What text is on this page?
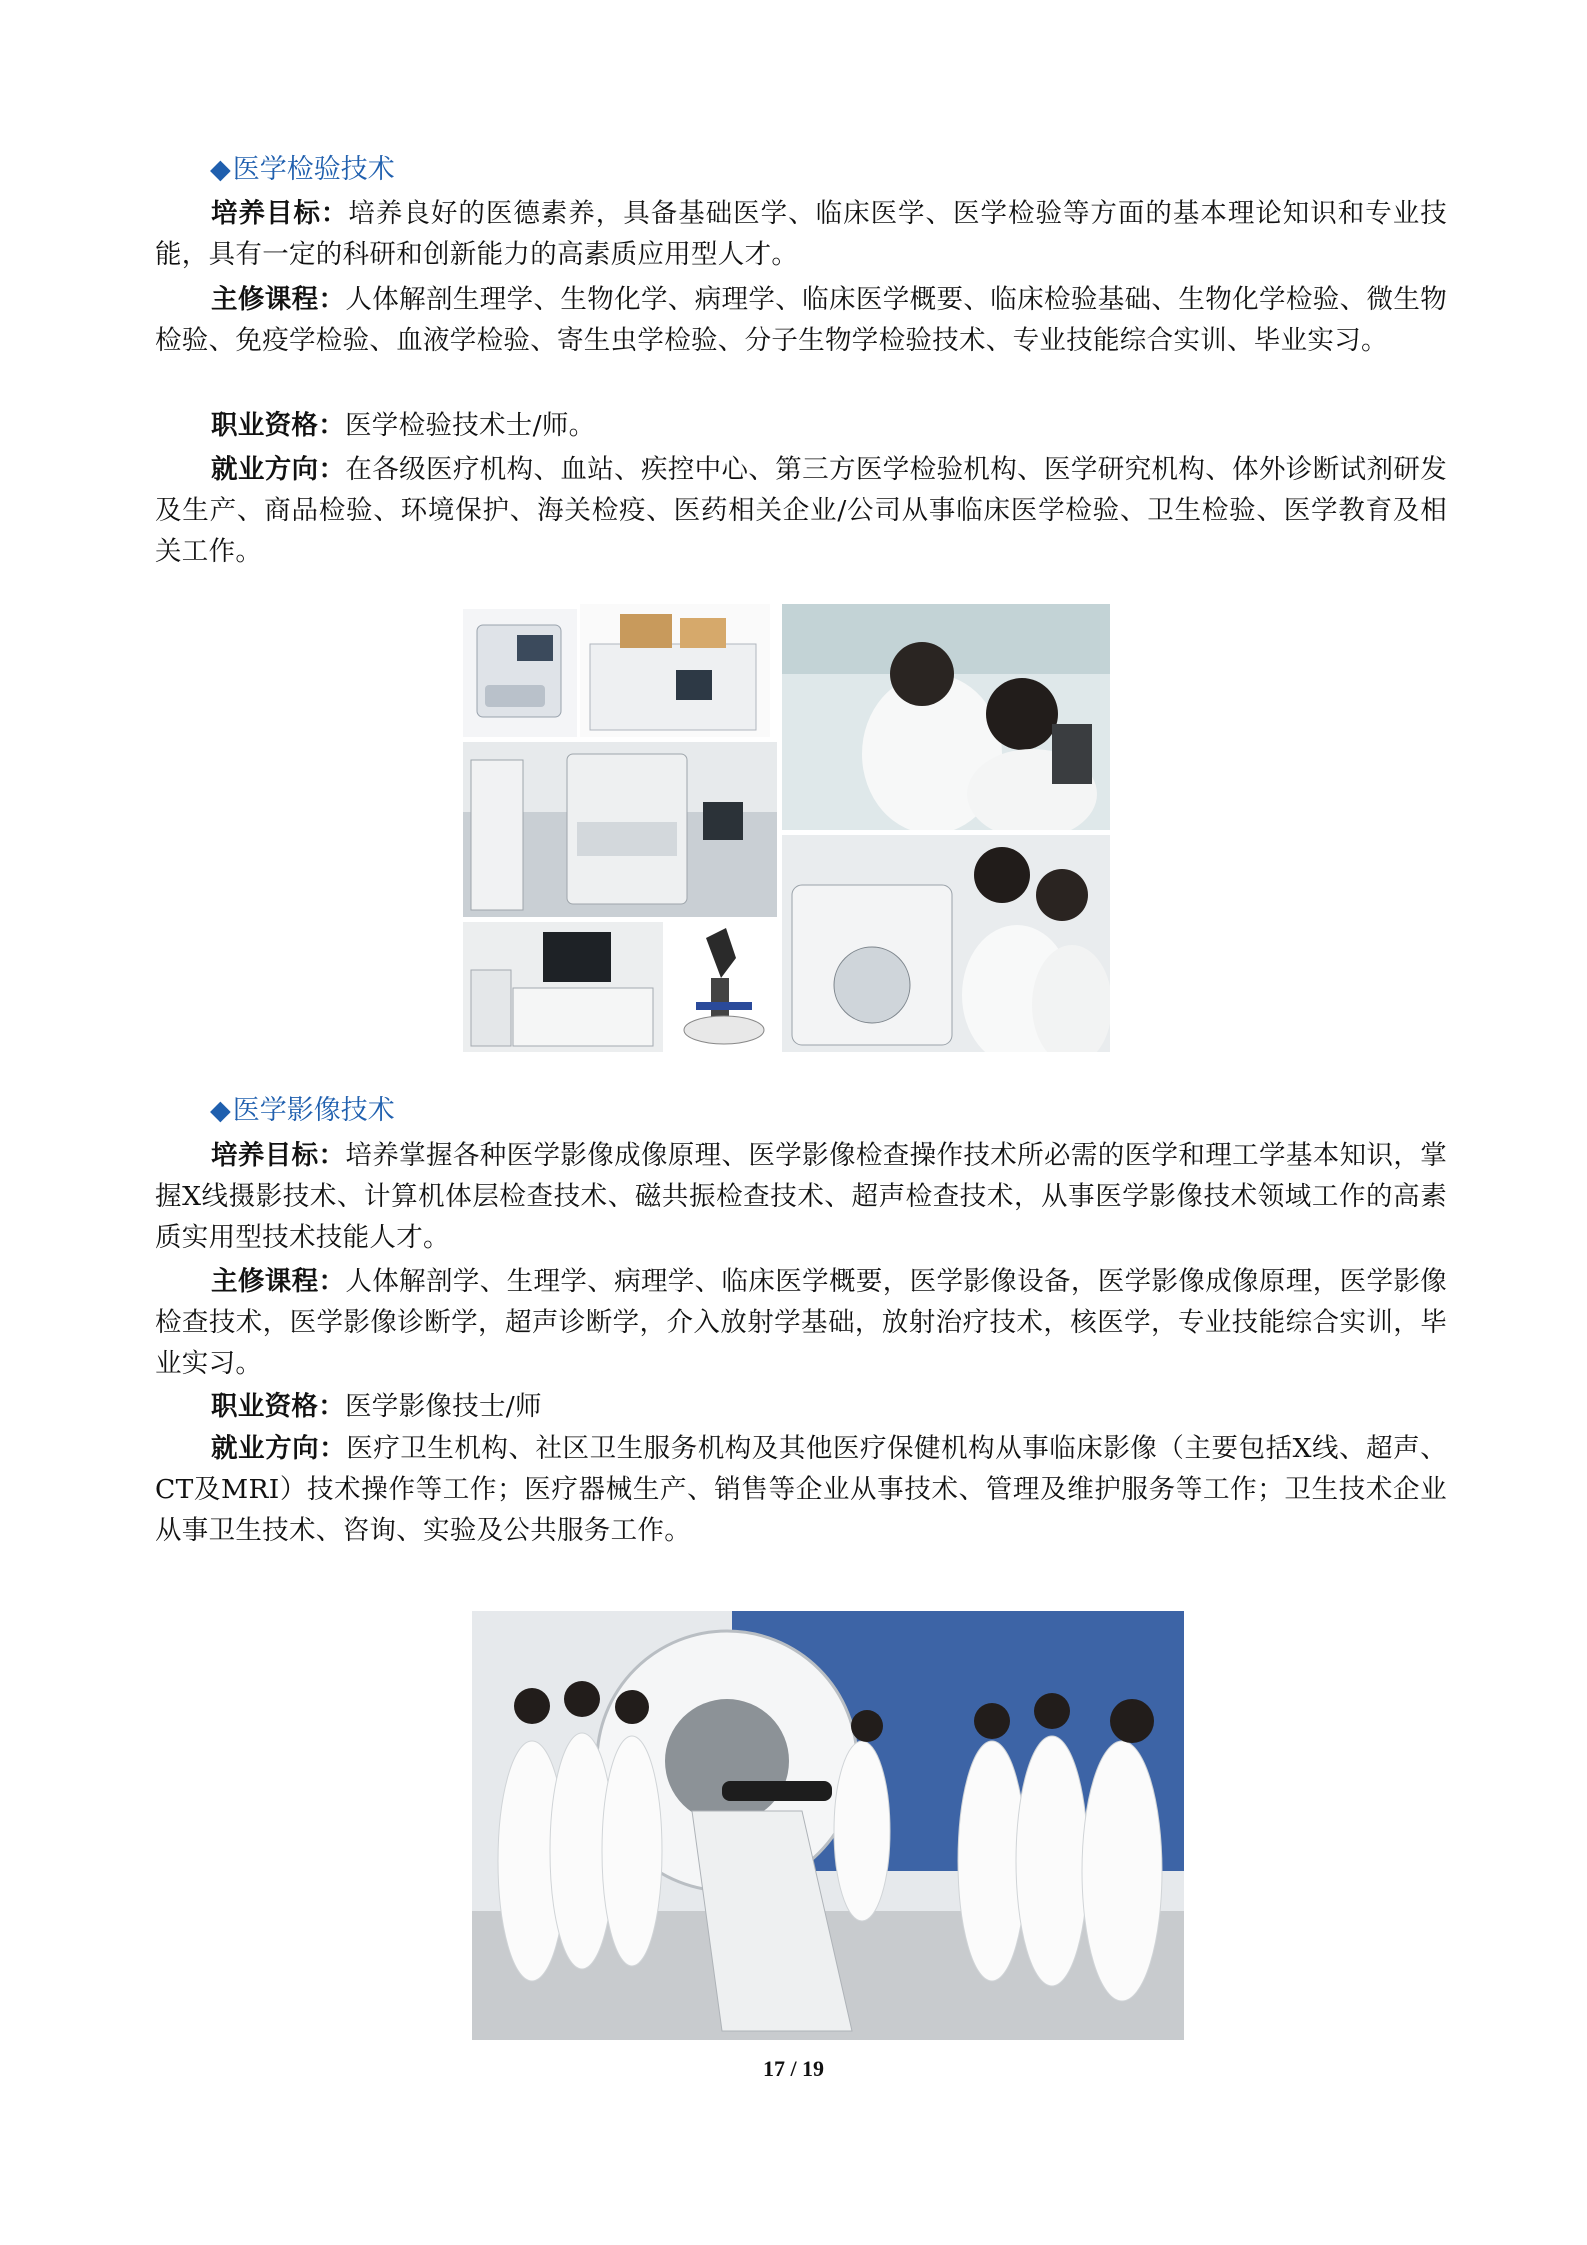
◆医学检验技术

培养目标：培养良好的医德素养，具备基础医学、临床医学、医学检验等方面的基本理论知识和专业技能，具有一定的科研和创新能力的高素质应用型人才。

主修课程：人体解剖生理学、生物化学、病理学、临床医学概要、临床检验基础、生物化学检验、微生物检验、免疫学检验、血液学检验、寄生虫学检验、分子生物学检验技术、专业技能综合实训、毕业实习。

职业资格：医学检验技术士/师。

就业方向：在各级医疗机构、血站、疾控中心、第三方医学检验机构、医学研究机构、体外诊断试剂研发及生产、商品检验、环境保护、海关检疫、医药相关企业/公司从事临床医学检验、卫生检验、医学教育及相关工作。

◆医学影像技术

培养目标：培养掌握各种医学影像成像原理、医学影像检查操作技术所必需的医学和理工学基本知识，掌握X线摄影技术、计算机体层检查技术、磁共振检查技术、超声检查技术，从事医学影像技术领域工作的高素质实用型技术技能人才。

主修课程：人体解剖学、生理学、病理学、临床医学概要，医学影像设备，医学影像成像原理，医学影像检查技术，医学影像诊断学，超声诊断学，介入放射学基础，放射治疗技术，核医学，专业技能综合实训，毕业实习。

职业资格：医学影像技士/师

就业方向：医疗卫生机构、社区卫生服务机构及其他医疗保健机构从事临床影像（主要包括X线、超声、CT及MRI）技术操作等工作；医疗器械生产、销售等企业从事技术、管理及维护服务等工作；卫生技术企业从事卫生技术、咨询、实验及公共服务工作。

17 / 19
